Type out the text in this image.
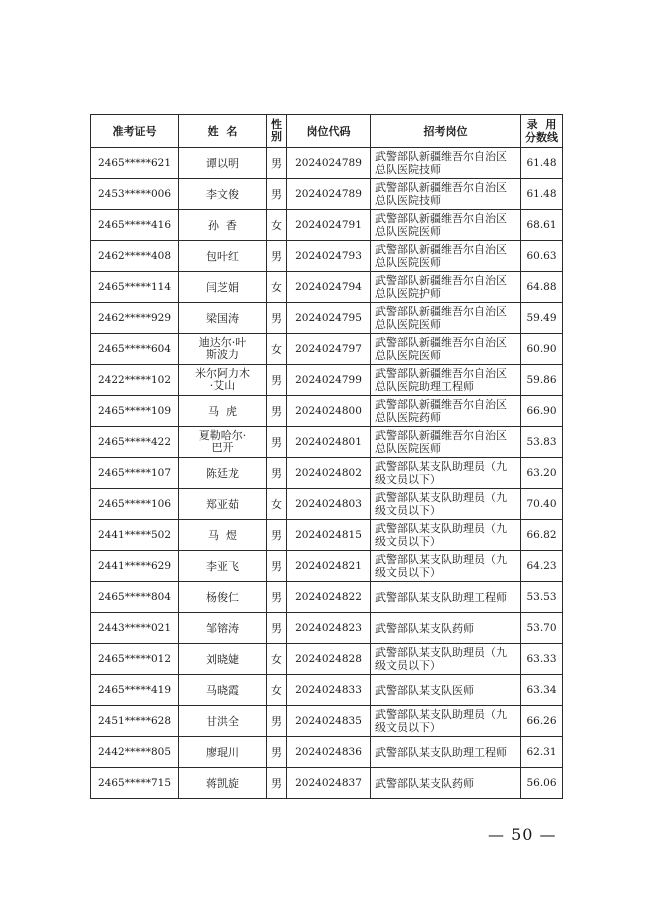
准考证号	姓  名	性别	岗位代码	招考岗位	录  用
分数线

2465*****621	谭以明	男	2024024789	武警部队新疆维吾尔自治区总队医院技师	61.48
2453*****006	李文俊	男	2024024789	武警部队新疆维吾尔自治区总队医院技师	61.48
2465*****416	孙  香	女	2024024791	武警部队新疆维吾尔自治区总队医院医师	68.61
2462*****408	包叶红	男	2024024793	武警部队新疆维吾尔自治区总队医院医师	60.63
2465*****114	闫芝娟	女	2024024794	武警部队新疆维吾尔自治区总队医院护师	64.88
2462*****929	梁国涛	男	2024024795	武警部队新疆维吾尔自治区总队医院医师	59.49
2465*****604	迪达尔·叶斯波力	女	2024024797	武警部队新疆维吾尔自治区总队医院医师	60.90
2422*****102	米尔阿力木·艾山	男	2024024799	武警部队新疆维吾尔自治区总队医院助理工程师	59.86
2465*****109	马  虎	男	2024024800	武警部队新疆维吾尔自治区总队医院药师	66.90
2465*****422	夏勒哈尔·巴开	男	2024024801	武警部队新疆维吾尔自治区总队医院医师	53.83
2465*****107	陈廷龙	男	2024024802	武警部队某支队助理员（九级文员以下）	63.20
2465*****106	郑亚茹	女	2024024803	武警部队某支队助理员（九级文员以下）	70.40
2441*****502	马  煜	男	2024024815	武警部队某支队助理员（九级文员以下）	66.82
2441*****629	李亚飞	男	2024024821	武警部队某支队助理员（九级文员以下）	64.23
2465*****804	杨俊仁	男	2024024822	武警部队某支队助理工程师	53.53
2443*****021	邹镕涛	男	2024024823	武警部队某支队药师	53.70
2465*****012	刘晓婕	女	2024024828	武警部队某支队助理员（九级文员以下）	63.33
2465*****419	马晓霞	女	2024024833	武警部队某支队医师	63.34
2451*****628	甘洪全	男	2024024835	武警部队某支队助理员（九级文员以下）	66.26
2442*****805	廖琨川	男	2024024836	武警部队某支队助理工程师	62.31
2465*****715	蒋凯旋	男	2024024837	武警部队某支队药师	56.06
— 50 —
